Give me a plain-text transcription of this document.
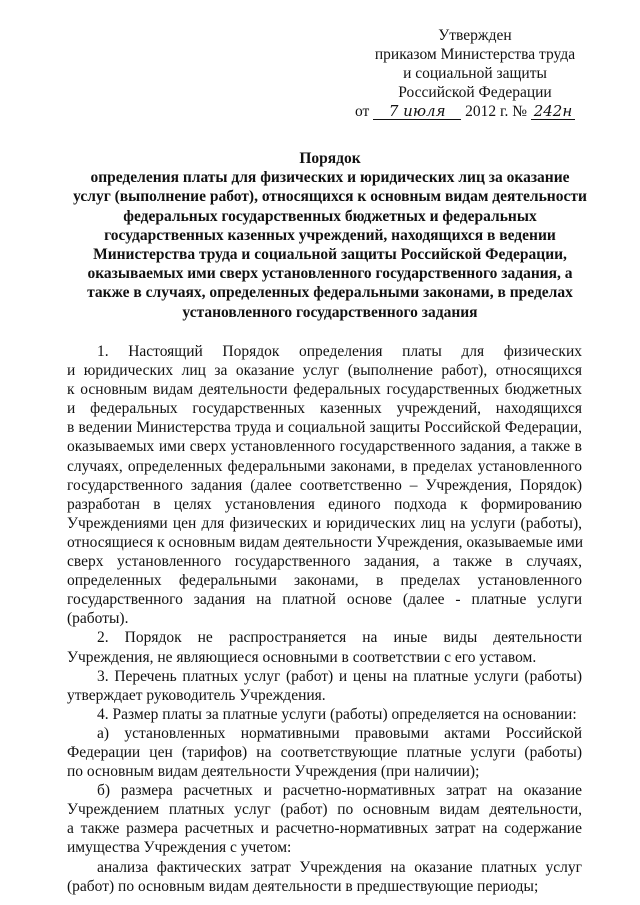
Утвержден
приказом Министерства труда
и социальной защиты
Российской Федерации
от 7 июля 2012 г. № 242н
Порядок
определения платы для физических и юридических лиц за оказание
услуг (выполнение работ), относящихся к основным видам деятельности
федеральных государственных бюджетных и федеральных
государственных казенных учреждений, находящихся в ведении
Министерства труда и социальной защиты Российской Федерации,
оказываемых ими сверх установленного государственного задания, а
также в случаях, определенных федеральными законами, в пределах
установленного государственного задания
1. Настоящий Порядок определения платы для физических
и юридических лиц за оказание услуг (выполнение работ), относящихся
к основным видам деятельности федеральных государственных бюджетных
и федеральных государственных казенных учреждений, находящихся
в ведении Министерства труда и социальной защиты Российской Федерации,
оказываемых ими сверх установленного государственного задания, а также в
случаях, определенных федеральными законами, в пределах установленного
государственного задания (далее соответственно – Учреждения, Порядок)
разработан в целях установления единого подхода к формированию
Учреждениями цен для физических и юридических лиц на услуги (работы),
относящиеся к основным видам деятельности Учреждения, оказываемые ими
сверх установленного государственного задания, а также в случаях,
определенных федеральными законами, в пределах установленного
государственного задания на платной основе (далее - платные услуги
(работы).
2. Порядок не распространяется на иные виды деятельности
Учреждения, не являющиеся основными в соответствии с его уставом.
3. Перечень платных услуг (работ) и цены на платные услуги (работы)
утверждает руководитель Учреждения.
4. Размер платы за платные услуги (работы) определяется на основании:
а) установленных нормативными правовыми актами Российской
Федерации цен (тарифов) на соответствующие платные услуги (работы)
по основным видам деятельности Учреждения (при наличии);
б) размера расчетных и расчетно-нормативных затрат на оказание
Учреждением платных услуг (работ) по основным видам деятельности,
а также размера расчетных и расчетно-нормативных затрат на содержание
имущества Учреждения с учетом:
анализа фактических затрат Учреждения на оказание платных услуг
(работ) по основным видам деятельности в предшествующие периоды;
